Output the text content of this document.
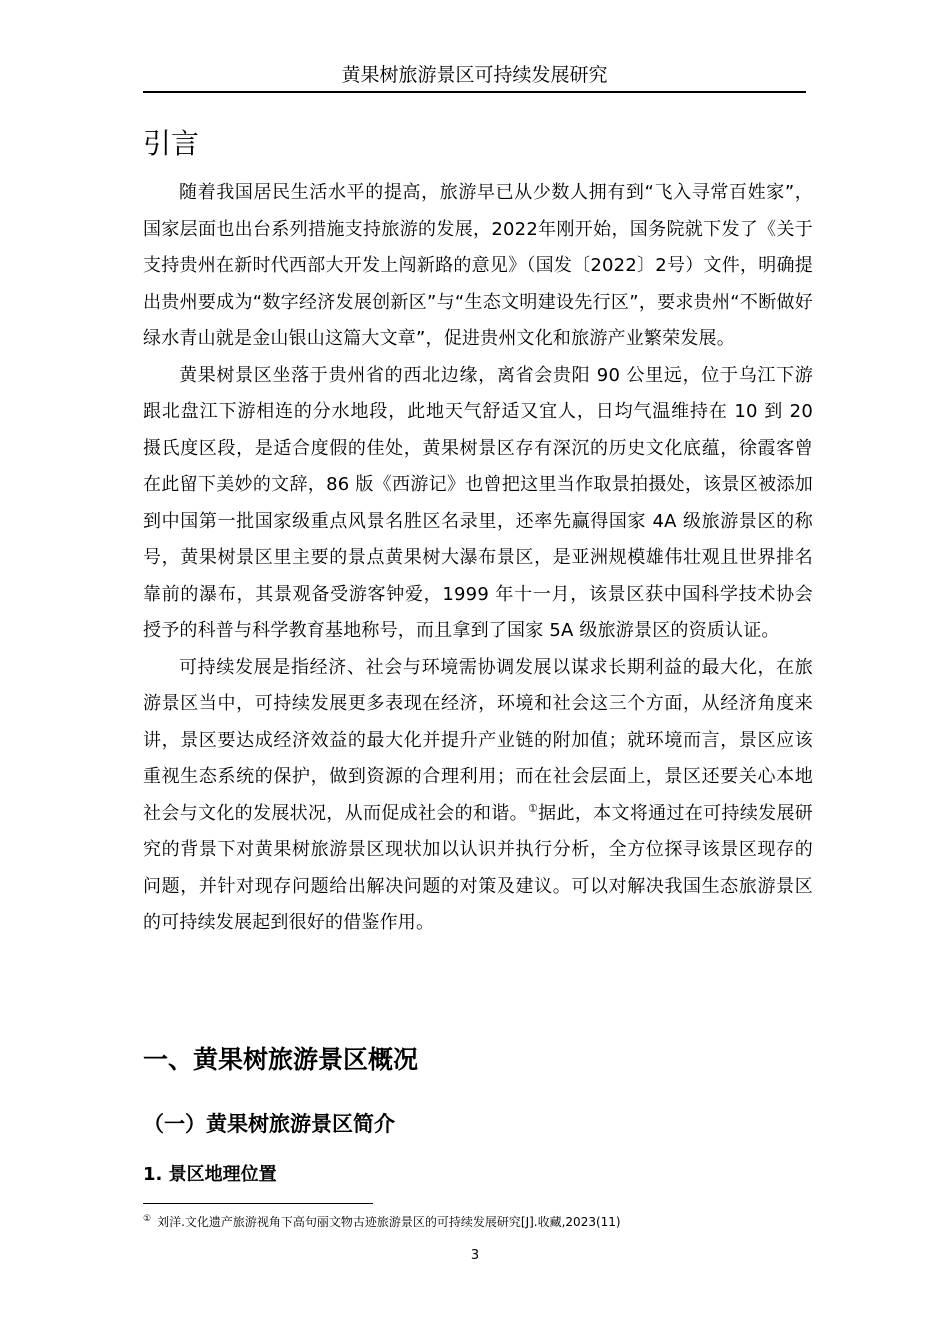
黄果树旅游景区可持续发展研究
引言

随着我国居民生活水平的提高，旅游早已从少数人拥有到“飞入寻常百姓家”，国家层面也出台系列措施支持旅游的发展，2022年刚开始，国务院就下发了《关于支持贵州在新时代西部大开发上闯新路的意见》（国发〔2022〕2号）文件，明确提出贵州要成为“数字经济发展创新区”与“生态文明建设先行区”，要求贵州“不断做好绿水青山就是金山银山这篇大文章”，促进贵州文化和旅游产业繁荣发展。

黄果树景区坐落于贵州省的西北边缘，离省会贵阳 90 公里远，位于乌江下游跟北盘江下游相连的分水地段，此地天气舒适又宜人，日均气温维持在 10 到 20 摄氏度区段，是适合度假的佳处，黄果树景区存有深沉的历史文化底蕴，徐霞客曾在此留下美妙的文辞，86 版《西游记》也曾把这里当作取景拍摄处，该景区被添加到中国第一批国家级重点风景名胜区名录里，还率先赢得国家 4A 级旅游景区的称号，黄果树景区里主要的景点黄果树大瀑布景区，是亚洲规模雄伟壮观且世界排名靠前的瀑布，其景观备受游客钟爱，1999 年十一月，该景区获中国科学技术协会授予的科普与科学教育基地称号，而且拿到了国家 5A 级旅游景区的资质认证。

可持续发展是指经济、社会与环境需协调发展以谋求长期利益的最大化，在旅游景区当中，可持续发展更多表现在经济，环境和社会这三个方面，从经济角度来讲，景区要达成经济效益的最大化并提升产业链的附加值；就环境而言，景区应该重视生态系统的保护，做到资源的合理利用；而在社会层面上，景区还要关心本地社会与文化的发展状况，从而促成社会的和谐。①据此，本文将通过在可持续发展研究的背景下对黄果树旅游景区现状加以认识并执行分析，全方位探寻该景区现存的问题，并针对现存问题给出解决问题的对策及建议。可以对解决我国生态旅游景区的可持续发展起到很好的借鉴作用。

一、黄果树旅游景区概况
（一）黄果树旅游景区简介
1. 景区地理位置
① 刘洋.文化遗产旅游视角下高句丽文物古迹旅游景区的可持续发展研究[J].收藏,2023(11)
3
